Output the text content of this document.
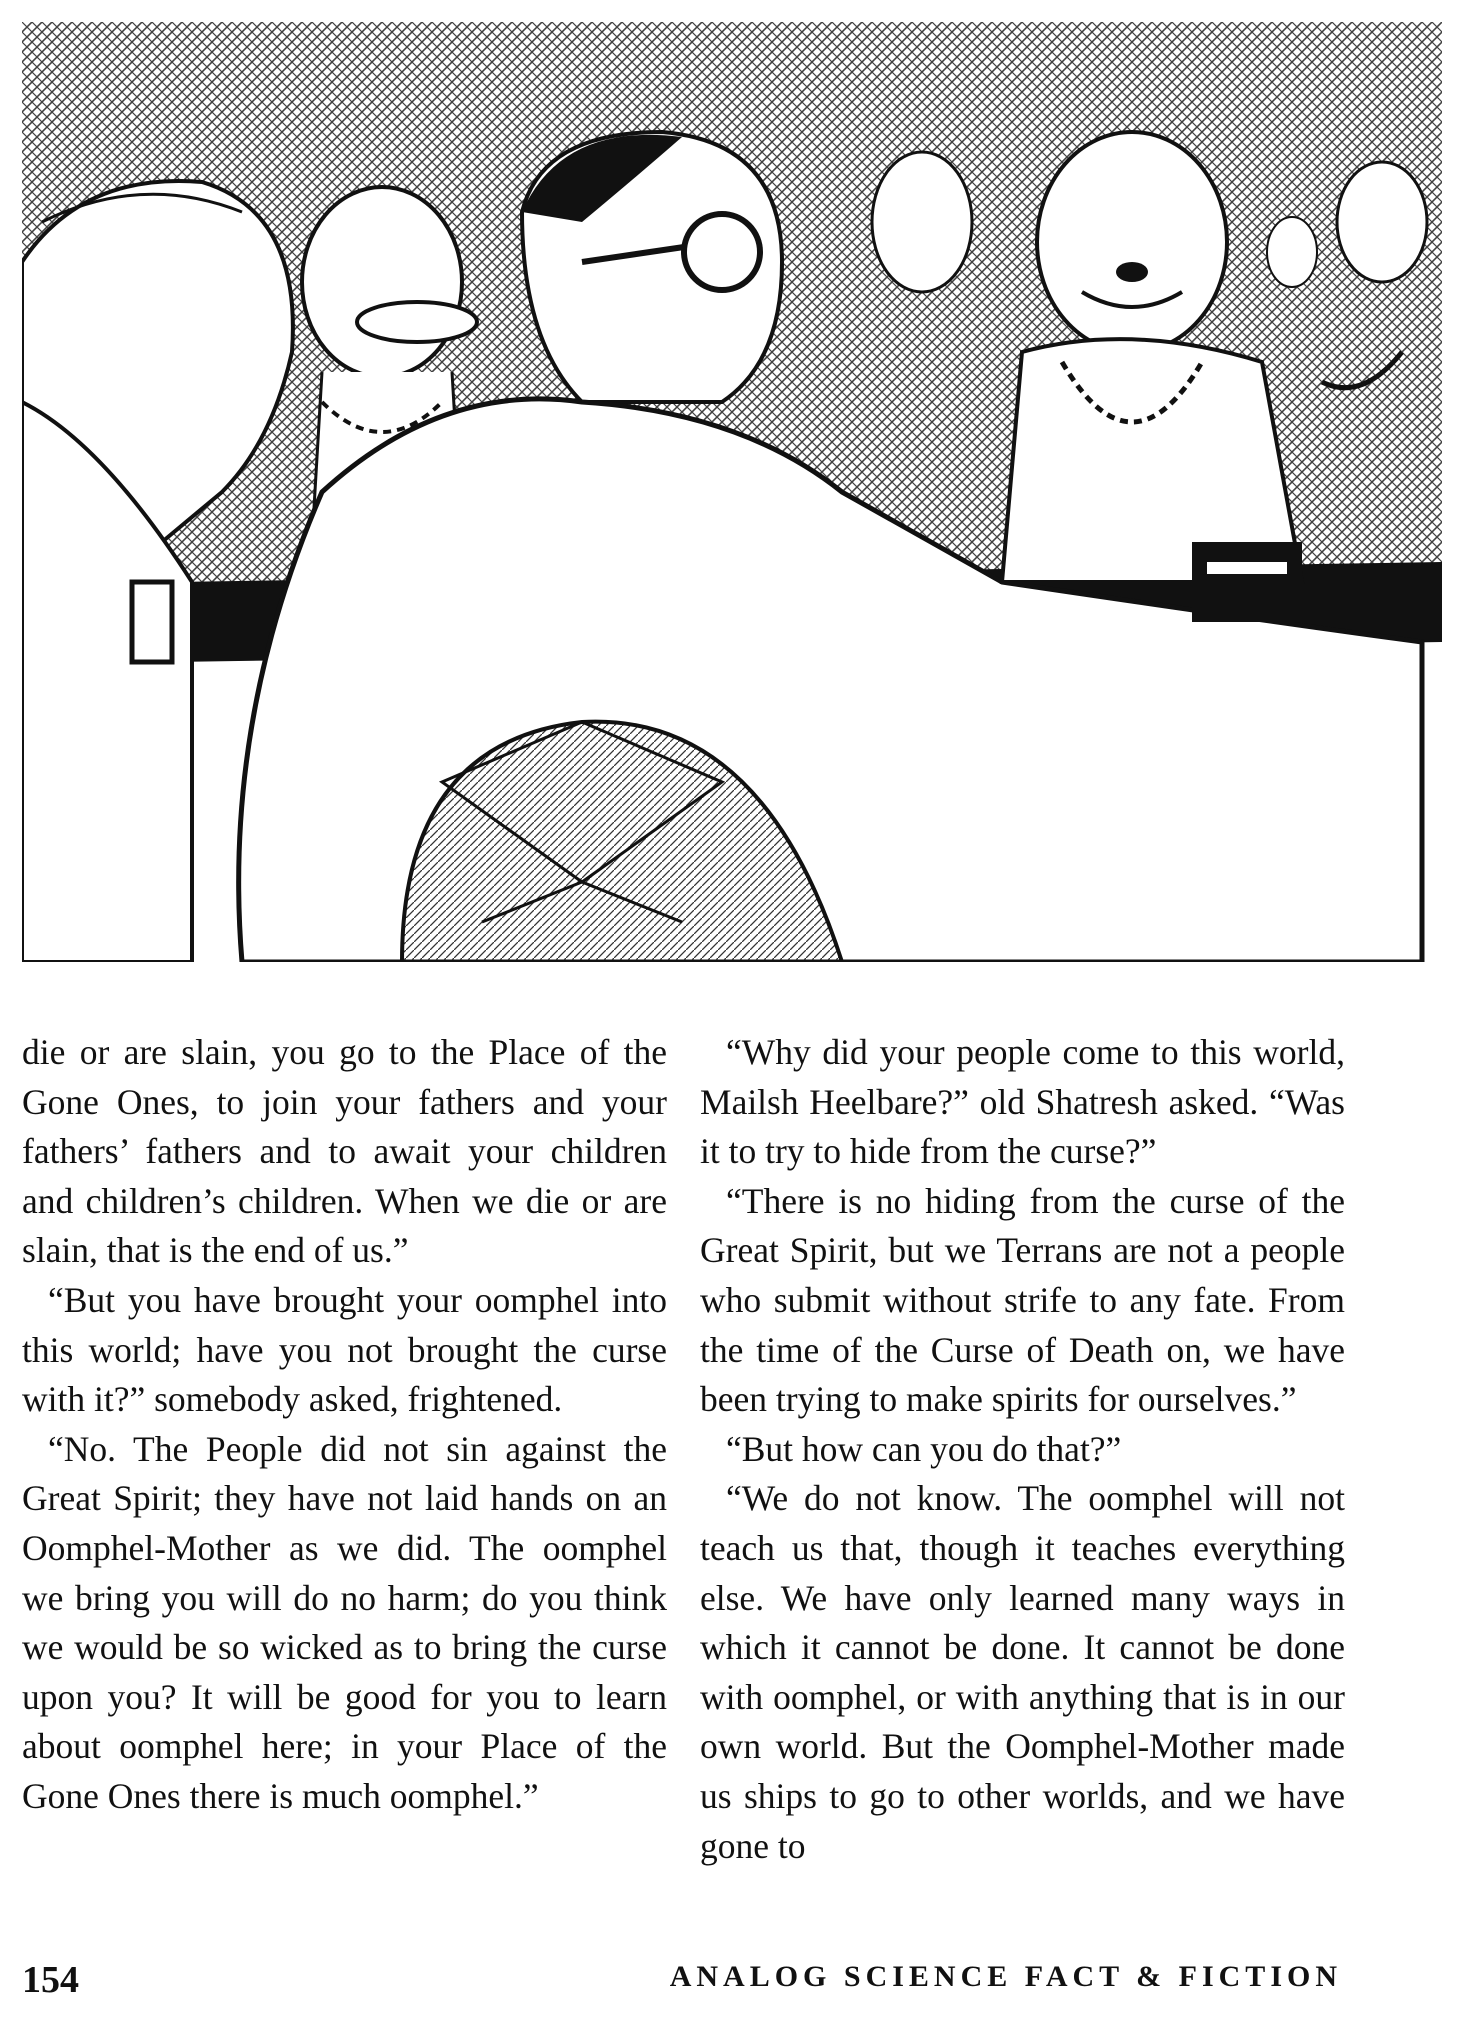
die or are slain, you go to the Place of the Gone Ones, to join your fathers and your fathers’ fathers and to await your children and children’s children. When we die or are slain, that is the end of us.”

“But you have brought your oomphel into this world; have you not brought the curse with it?” somebody asked, frightened.

“No. The People did not sin against the Great Spirit; they have not laid hands on an Oomphel-Mother as we did. The oomphel we bring you will do no harm; do you think we would be so wicked as to bring the curse upon you? It will be good for you to learn about oomphel here; in your Place of the Gone Ones there is much oomphel.”

“Why did your people come to this world, Mailsh Heelbare?” old Shatresh asked. “Was it to try to hide from the curse?”

“There is no hiding from the curse of the Great Spirit, but we Terrans are not a people who submit without strife to any fate. From the time of the Curse of Death on, we have been trying to make spirits for ourselves.”

“But how can you do that?”

“We do not know. The oomphel will not teach us that, though it teaches everything else. We have only learned many ways in which it cannot be done. It cannot be done with oomphel, or with anything that is in our own world. But the Oomphel-Mother made us ships to go to other worlds, and we have gone to

154	ANALOG SCIENCE FACT & FICTION
